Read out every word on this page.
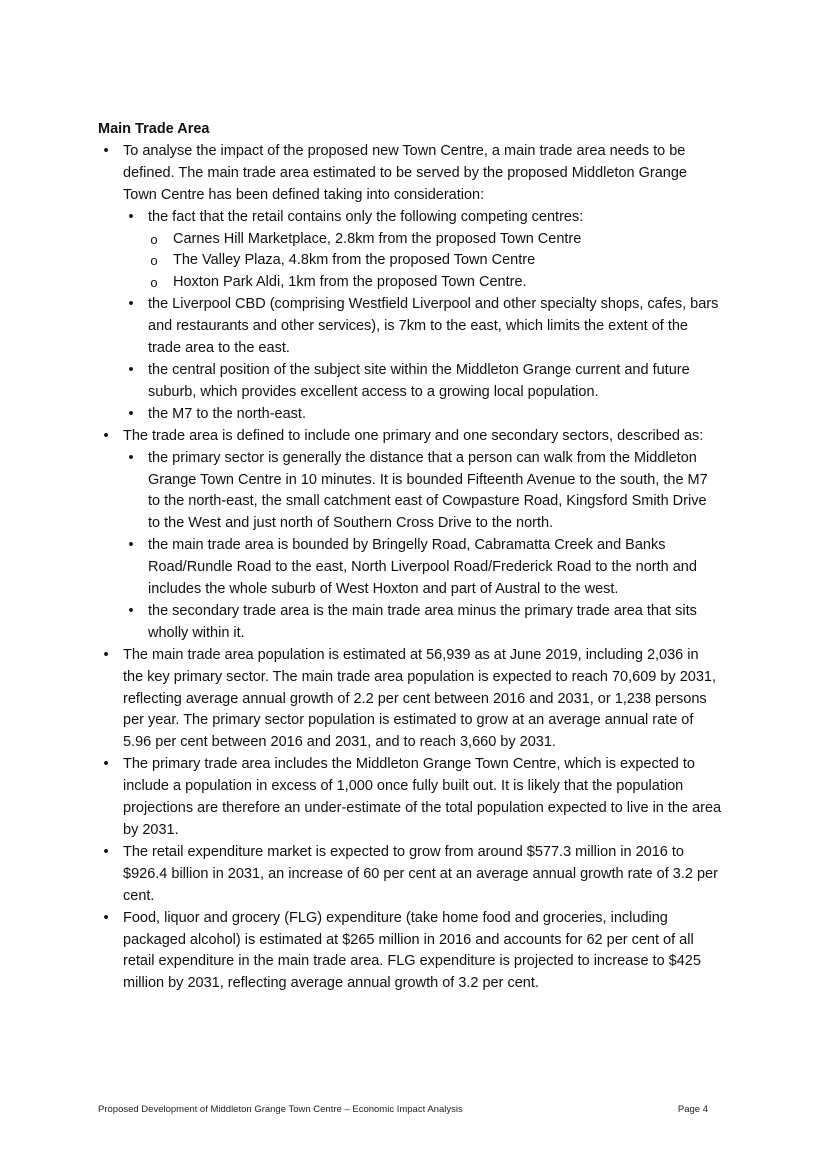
Main Trade Area

• To analyse the impact of the proposed new Town Centre, a main trade area needs to be defined. The main trade area estimated to be served by the proposed Middleton Grange Town Centre has been defined taking into consideration:
• the fact that the retail contains only the following competing centres:
o Carnes Hill Marketplace, 2.8km from the proposed Town Centre
o The Valley Plaza, 4.8km from the proposed Town Centre
o Hoxton Park Aldi, 1km from the proposed Town Centre.
• the Liverpool CBD (comprising Westfield Liverpool and other specialty shops, cafes, bars and restaurants and other services), is 7km to the east, which limits the extent of the trade area to the east.
• the central position of the subject site within the Middleton Grange current and future suburb, which provides excellent access to a growing local population.
• the M7 to the north-east.
• The trade area is defined to include one primary and one secondary sectors, described as:
• the primary sector is generally the distance that a person can walk from the Middleton Grange Town Centre in 10 minutes. It is bounded Fifteenth Avenue to the south, the M7 to the north-east, the small catchment east of Cowpasture Road, Kingsford Smith Drive to the West and just north of Southern Cross Drive to the north.
• the main trade area is bounded by Bringelly Road, Cabramatta Creek and Banks Road/Rundle Road to the east, North Liverpool Road/Frederick Road to the north and includes the whole suburb of West Hoxton and part of Austral to the west.
• the secondary trade area is the main trade area minus the primary trade area that sits wholly within it.
• The main trade area population is estimated at 56,939 as at June 2019, including 2,036 in the key primary sector. The main trade area population is expected to reach 70,609 by 2031, reflecting average annual growth of 2.2 per cent between 2016 and 2031, or 1,238 persons per year. The primary sector population is estimated to grow at an average annual rate of 5.96 per cent between 2016 and 2031, and to reach 3,660 by 2031.
• The primary trade area includes the Middleton Grange Town Centre, which is expected to include a population in excess of 1,000 once fully built out. It is likely that the population projections are therefore an under-estimate of the total population expected to live in the area by 2031.
• The retail expenditure market is expected to grow from around $577.3 million in 2016 to $926.4 billion in 2031, an increase of 60 per cent at an average annual growth rate of 3.2 per cent.
• Food, liquor and grocery (FLG) expenditure (take home food and groceries, including packaged alcohol) is estimated at $265 million in 2016 and accounts for 62 per cent of all retail expenditure in the main trade area. FLG expenditure is projected to increase to $425 million by 2031, reflecting average annual growth of 3.2 per cent.
Proposed Development of Middleton Grange Town Centre – Economic Impact Analysis	Page 4
